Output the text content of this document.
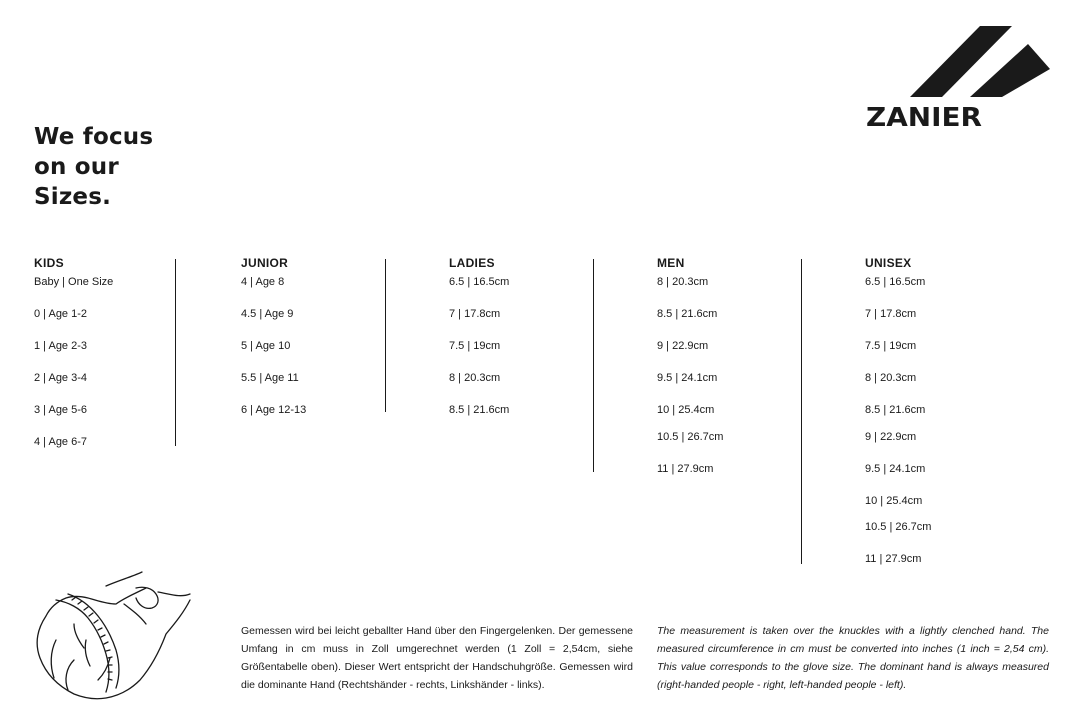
ZANIER
We focus
on our
Sizes.
KIDS
Baby | One Size
0 | Age 1-2
1 | Age 2-3
2 | Age 3-4
3 | Age 5-6
4 | Age 6-7
JUNIOR
4 | Age 8
4.5 | Age 9
5 | Age 10
5.5 | Age 11
6 | Age 12-13
LADIES
6.5 | 16.5cm
7 | 17.8cm
7.5 | 19cm
8 | 20.3cm
8.5 | 21.6cm
MEN
8 | 20.3cm
8.5 | 21.6cm
9 | 22.9cm
9.5 | 24.1cm
10 | 25.4cm
10.5 | 26.7cm
11 | 27.9cm
UNISEX
6.5 | 16.5cm
7 | 17.8cm
7.5 | 19cm
8 | 20.3cm
8.5 | 21.6cm
9 | 22.9cm
9.5 | 24.1cm
10 | 25.4cm
10.5 | 26.7cm
11 | 27.9cm
Gemessen wird bei leicht geballter Hand über den Fingergelenken. Der gemessene Umfang in cm muss in Zoll umgerechnet werden (1 Zoll = 2,54cm, siehe Größentabelle oben). Dieser Wert entspricht der Handschuhgröße. Gemessen wird die dominante Hand (Rechtshänder - rechts, Linkshänder - links).
The measurement is taken over the knuckles with a lightly clenched hand. The measured circumference in cm must be converted into inches (1 inch = 2,54 cm). This value corresponds to the glove size. The dominant hand is always measured (right-handed people - right, left-handed people - left).
